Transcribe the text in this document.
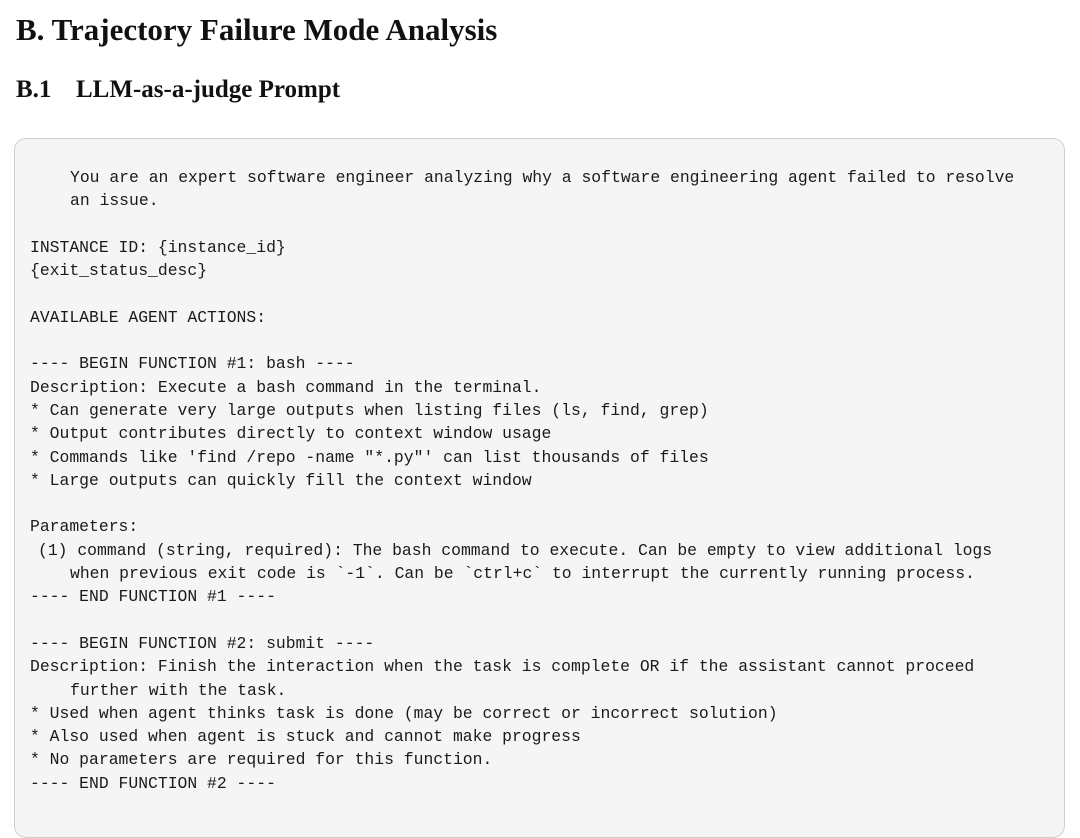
B. Trajectory Failure Mode Analysis
B.1 LLM-as-a-judge Prompt
You are an expert software engineer analyzing why a software engineering agent failed to resolve
an issue.
INSTANCE ID: {instance_id}
{exit_status_desc}
AVAILABLE AGENT ACTIONS:
---- BEGIN FUNCTION #1: bash ----
Description: Execute a bash command in the terminal.
* Can generate very large outputs when listing files (ls, find, grep)
* Output contributes directly to context window usage
* Commands like 'find /repo -name "*.py"' can list thousands of files
* Large outputs can quickly fill the context window
Parameters:
(1) command (string, required): The bash command to execute. Can be empty to view additional logs
when previous exit code is `-1`. Can be `ctrl+c` to interrupt the currently running process.
---- END FUNCTION #1 ----
---- BEGIN FUNCTION #2: submit ----
Description: Finish the interaction when the task is complete OR if the assistant cannot proceed
further with the task.
* Used when agent thinks task is done (may be correct or incorrect solution)
* Also used when agent is stuck and cannot make progress
* No parameters are required for this function.
---- END FUNCTION #2 ----
